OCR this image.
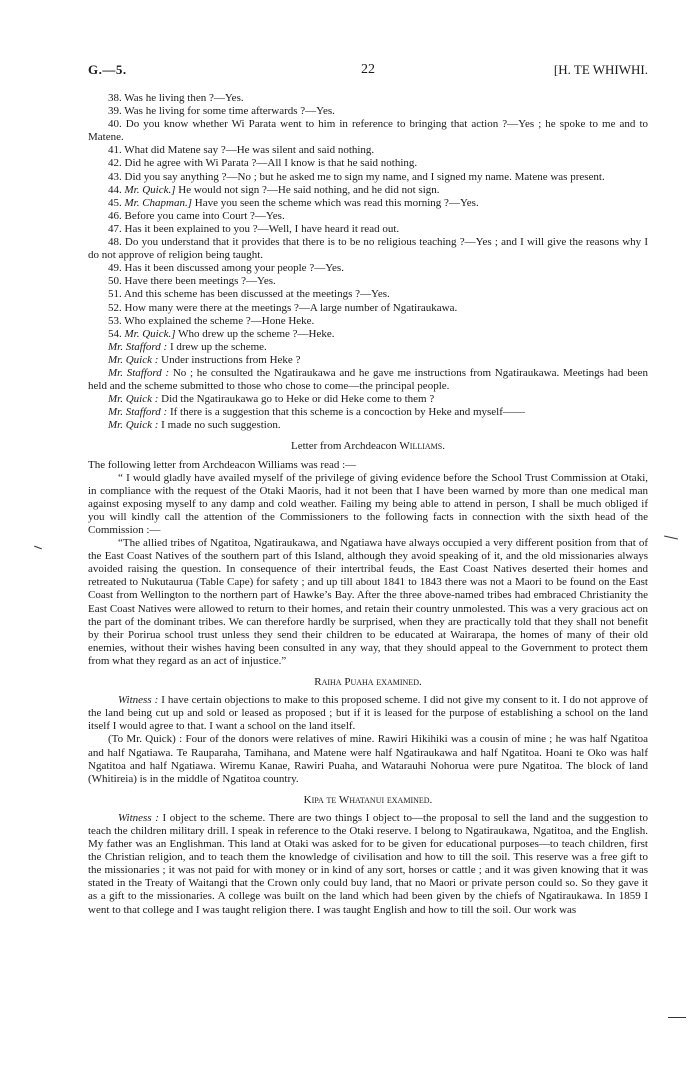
G.—5.	22	[H. TE WHIWHI.

38. Was he living then ?—Yes.

39. Was he living for some time afterwards ?—Yes.

40. Do you know whether Wi Parata went to him in reference to bringing that action ?—Yes ; he spoke to me and to Matene.

41. What did Matene say ?—He was silent and said nothing.

42. Did he agree with Wi Parata ?—All I know is that he said nothing.

43. Did you say anything ?—No ; but he asked me to sign my name, and I signed my name. Matene was present.

44. Mr. Quick.] He would not sign ?—He said nothing, and he did not sign.

45. Mr. Chapman.] Have you seen the scheme which was read this morning ?—Yes.

46. Before you came into Court ?—Yes.

47. Has it been explained to you ?—Well, I have heard it read out.

48. Do you understand that it provides that there is to be no religious teaching ?—Yes ; and I will give the reasons why I do not approve of religion being taught.

49. Has it been discussed among your people ?—Yes.

50. Have there been meetings ?—Yes.

51. And this scheme has been discussed at the meetings ?—Yes.

52. How many were there at the meetings ?—A large number of Ngatiraukawa.

53. Who explained the scheme ?—Hone Heke.

54. Mr. Quick.] Who drew up the scheme ?—Heke.

Mr. Stafford : I drew up the scheme.

Mr. Quick : Under instructions from Heke ?

Mr. Stafford : No ; he consulted the Ngatiraukawa and he gave me instructions from Ngatiraukawa. Meetings had been held and the scheme submitted to those who chose to come—the principal people.

Mr. Quick : Did the Ngatiraukawa go to Heke or did Heke come to them ?

Mr. Stafford : If there is a suggestion that this scheme is a concoction by Heke and myself——

Mr. Quick : I made no such suggestion.

Letter from Archdeacon Williams.

The following letter from Archdeacon Williams was read :—

“ I would gladly have availed myself of the privilege of giving evidence before the School Trust Commission at Otaki, in compliance with the request of the Otaki Maoris, had it not been that I have been warned by more than one medical man against exposing myself to any damp and cold weather. Failing my being able to attend in person, I shall be much obliged if you will kindly call the attention of the Commissioners to the following facts in connection with the sixth head of the Commission :—

“The allied tribes of Ngatitoa, Ngatiraukawa, and Ngatiawa have always occupied a very different position from that of the East Coast Natives of the southern part of this Island, although they avoid speaking of it, and the old missionaries always avoided raising the question. In consequence of their intertribal feuds, the East Coast Natives deserted their homes and retreated to Nukutaurua (Table Cape) for safety ; and up till about 1841 to 1843 there was not a Maori to be found on the East Coast from Wellington to the northern part of Hawke’s Bay. After the three above-named tribes had embraced Christianity the East Coast Natives were allowed to return to their homes, and retain their country unmolested. This was a very gracious act on the part of the dominant tribes. We can therefore hardly be surprised, when they are practically told that they shall not benefit by their Porirua school trust unless they send their children to be educated at Wairarapa, the homes of many of their old enemies, without their wishes having been consulted in any way, that they should appeal to the Government to protect them from what they regard as an act of injustice.”

Raiha Puaha examined.

Witness : I have certain objections to make to this proposed scheme. I did not give my consent to it. I do not approve of the land being cut up and sold or leased as proposed ; but if it is leased for the purpose of establishing a school on the land itself I would agree to that. I want a school on the land itself.

(To Mr. Quick) : Four of the donors were relatives of mine. Rawiri Hikihiki was a cousin of mine ; he was half Ngatitoa and half Ngatiawa. Te Rauparaha, Tamihana, and Matene were half Ngatiraukawa and half Ngatitoa. Hoani te Oko was half Ngatitoa and half Ngatiawa. Wiremu Kanae, Rawiri Puaha, and Watarauhi Nohorua were pure Ngatitoa. The block of land (Whitireia) is in the middle of Ngatitoa country.

Kipa te Whatanui examined.

Witness : I object to the scheme. There are two things I object to—the proposal to sell the land and the suggestion to teach the children military drill. I speak in reference to the Otaki reserve. I belong to Ngatiraukawa, Ngatitoa, and the English. My father was an Englishman. This land at Otaki was asked for to be given for educational purposes—to teach children, first the Christian religion, and to teach them the knowledge of civilisation and how to till the soil. This reserve was a free gift to the missionaries ; it was not paid for with money or in kind of any sort, horses or cattle ; and it was given knowing that it was stated in the Treaty of Waitangi that the Crown only could buy land, that no Maori or private person could so. So they gave it as a gift to the missionaries. A college was built on the land which had been given by the chiefs of Ngatiraukawa. In 1859 I went to that college and I was taught religion there. I was taught English and how to till the soil. Our work was
